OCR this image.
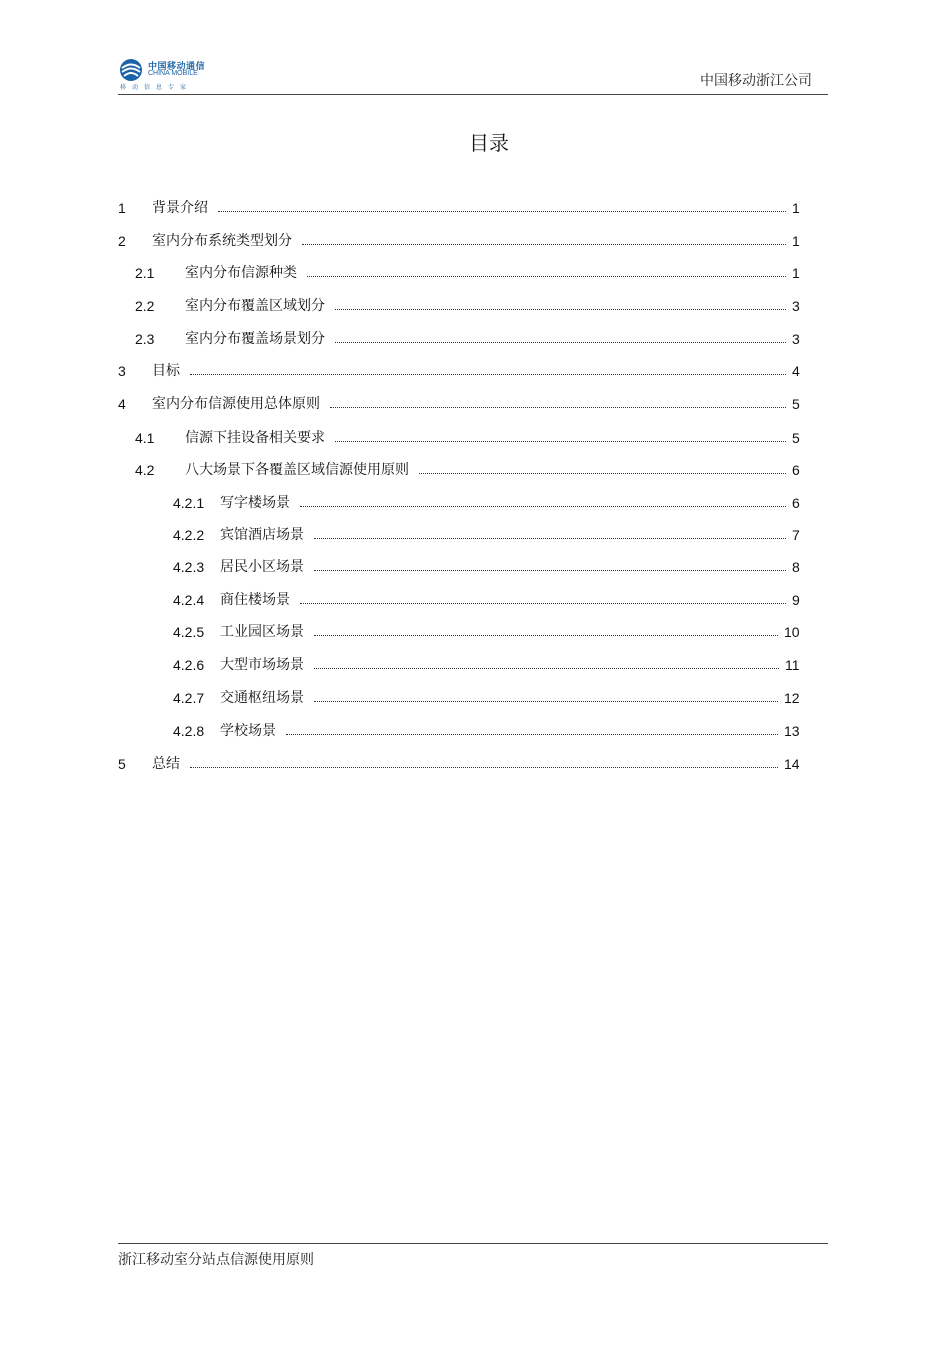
中国移动通信
CHINA MOBILE
移动信息专家	中国移动浙江公司
目录
1 背景介绍	1
2 室内分布系统类型划分	1
2.1 室内分布信源种类	1
2.2 室内分布覆盖区域划分	3
2.3 室内分布覆盖场景划分	3
3 目标	4
4 室内分布信源使用总体原则	5
4.1 信源下挂设备相关要求	5
4.2 八大场景下各覆盖区域信源使用原则	6
4.2.1 写字楼场景	6
4.2.2 宾馆酒店场景	7
4.2.3 居民小区场景	8
4.2.4 商住楼场景	9
4.2.5 工业园区场景	10
4.2.6 大型市场场景	11
4.2.7 交通枢纽场景	12
4.2.8 学校场景	13
5 总结	14
浙江移动室分站点信源使用原则
